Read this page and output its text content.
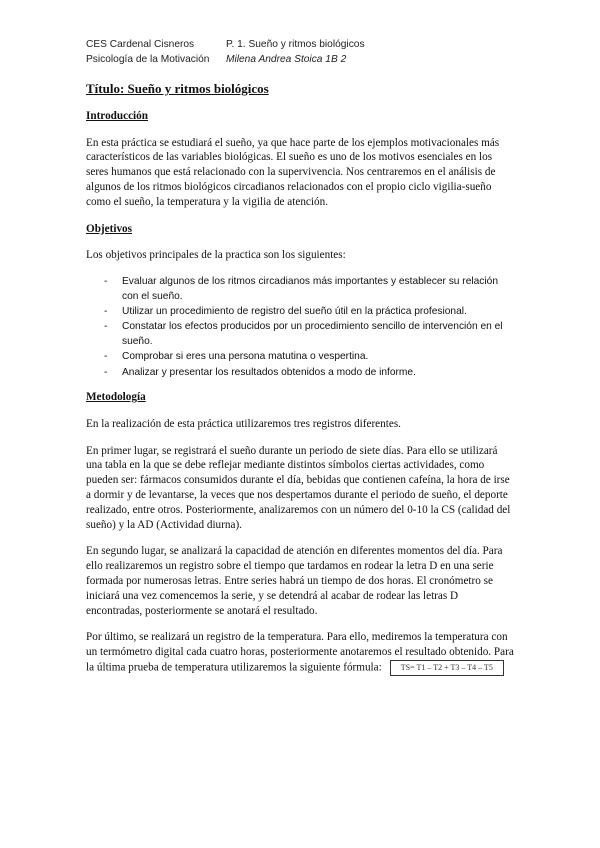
CES Cardenal Cisneros	P. 1. Sueño y ritmos biológicos
Psicología de la Motivación	Milena Andrea Stoica 1B 2
Título: Sueño y ritmos biológicos
Introducción

En esta práctica se estudiará el sueño, ya que hace parte de los ejemplos motivacionales más característicos de las variables biológicas. El sueño es uno de los motivos esenciales en los seres humanos que está relacionado con la supervivencia. Nos centraremos en el análisis de algunos de los ritmos biológicos circadianos relacionados con el propio ciclo vigilia-sueño como el sueño, la temperatura y la vigilia de atención.

Objetivos

Los objetivos principales de la practica son los siguientes:

-	Evaluar algunos de los ritmos circadianos más importantes y establecer su relación con el sueño.
-	Utilizar un procedimiento de registro del sueño útil en la práctica profesional.
-	Constatar los efectos producidos por un procedimiento sencillo de intervención en el sueño.
-	Comprobar si eres una persona matutina o vespertina.
-	Analizar y presentar los resultados obtenidos a modo de informe.
Metodología

En la realización de esta práctica utilizaremos tres registros diferentes.

En primer lugar, se registrará el sueño durante un periodo de siete días. Para ello se utilizará una tabla en la que se debe reflejar mediante distintos símbolos ciertas actividades, como pueden ser: fármacos consumidos durante el día, bebidas que contienen cafeína, la hora de irse a dormir y de levantarse, la veces que nos despertamos durante el periodo de sueño, el deporte realizado, entre otros. Posteriormente, analizaremos con un número del 0-10 la CS (calidad del sueño) y la AD (Actividad diurna).

En segundo lugar, se analizará la capacidad de atención en diferentes momentos del día. Para ello realizaremos un registro sobre el tiempo que tardamos en rodear la letra D en una serie formada por numerosas letras. Entre series habrá un tiempo de dos horas. El cronómetro se iniciará una vez comencemos la serie, y se detendrá al acabar de rodear las letras D encontradas, posteriormente se anotará el resultado.

Por último, se realizará un registro de la temperatura. Para ello, mediremos la temperatura con un termómetro digital cada cuatro horas, posteriormente anotaremos el resultado obtenido. Para la última prueba de temperatura utilizaremos la siguiente fórmula: TS= T1 – T2 + T3 – T4 – T5
